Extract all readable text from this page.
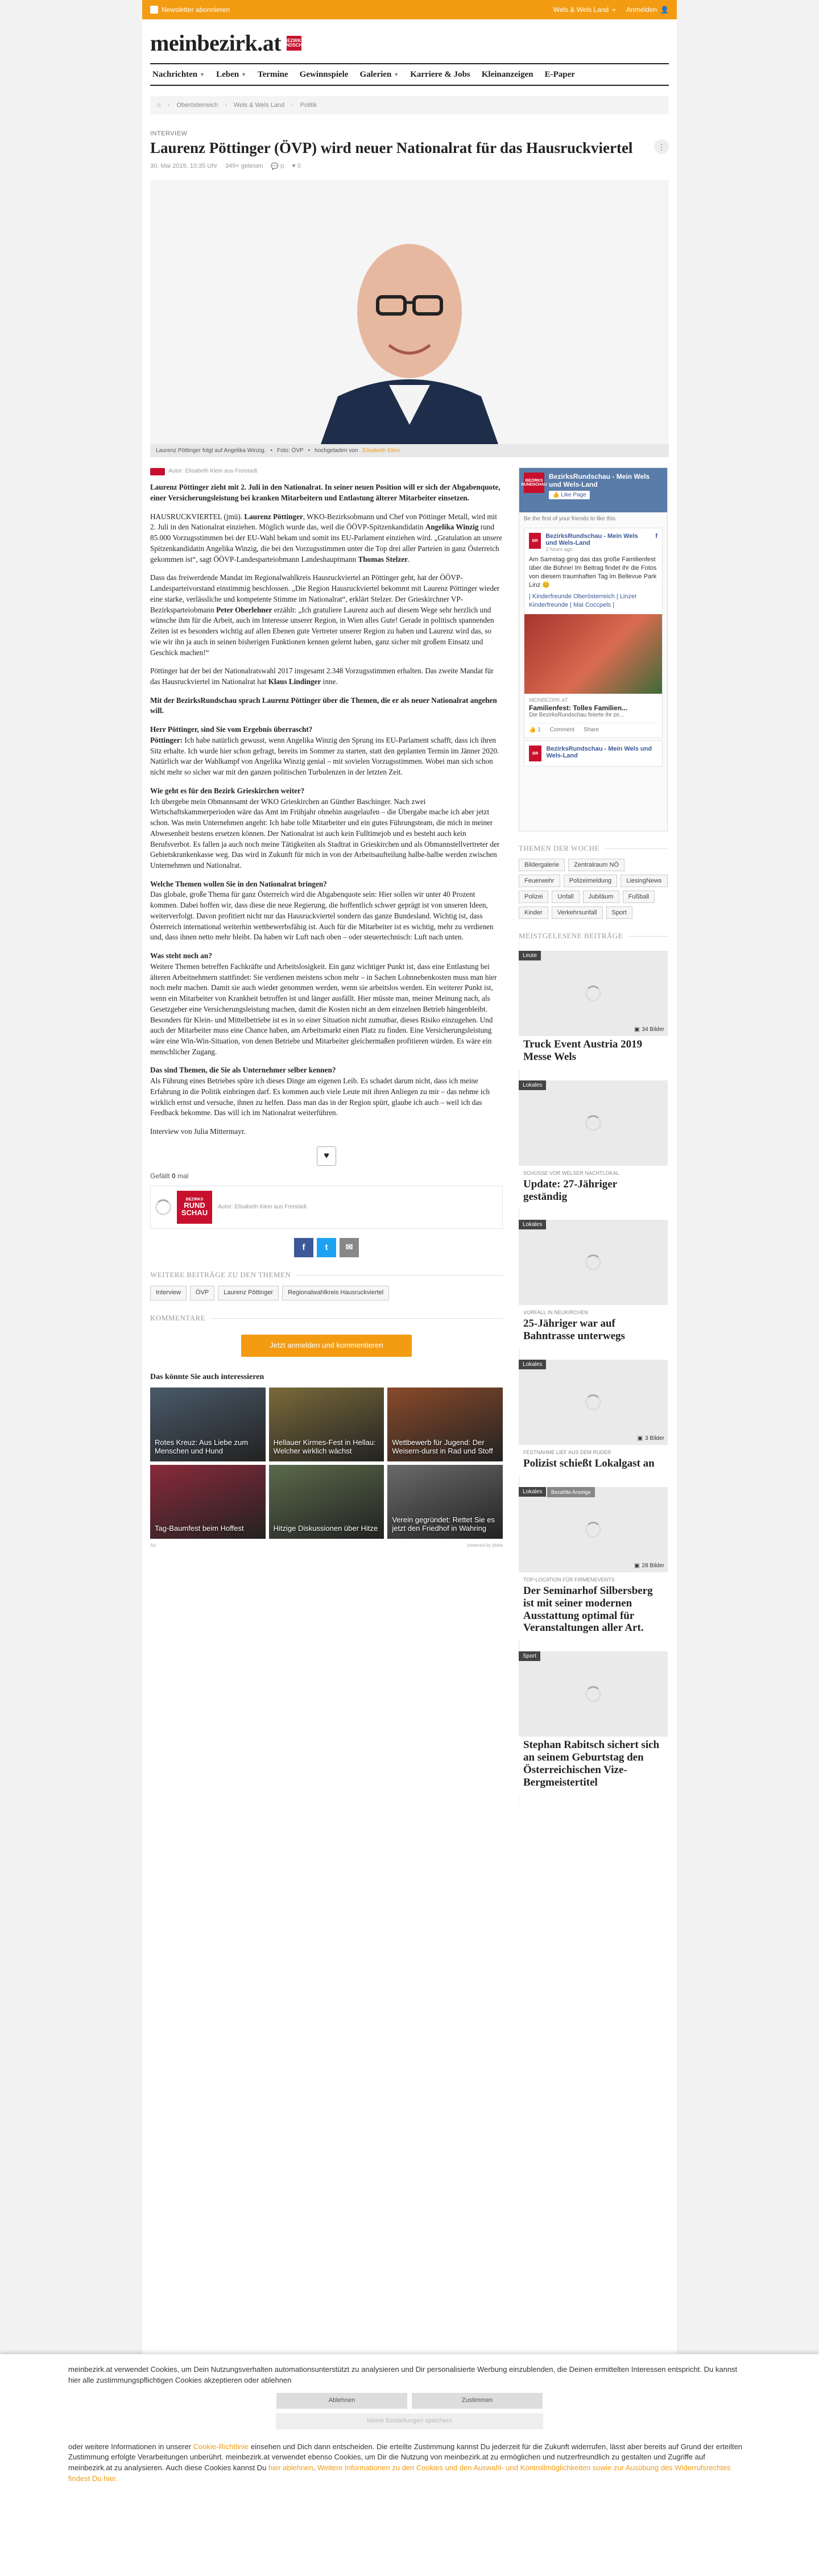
Newsletter abonnieren	Wels & Wels Land ⌖ Anmelden 👤
meinbezirk.at BEZIRKS RUNDSCHAU
Nachrichten ▼ Leben ▼ Termine Gewinnspiele Galerien ▼ Karriere & Jobs Kleinanzeigen E-Paper
⌂ › Oberösterreich › Wels & Wels Land › Politik
INTERVIEW
Laurenz Pöttinger (ÖVP) wird neuer Nationalrat für das Hausruckviertel	⋮
30. Mai 2019, 10:35 Uhr 349× gelesen 💬 0 ♥ 0
Laurenz Pöttinger folgt auf Angelika Winzig. • Foto: ÖVP • hochgeladen von Elisabeth Klein
Autor: Elisabeth Klein aus Freistadt

Laurenz Pöttinger zieht mit 2. Juli in den Nationalrat. In seiner neuen Position will er sich der Abgabenquote, einer Versicherungsleistung bei kranken Mitarbeitern und Entlastung älterer Mitarbeiter einsetzen.

HAUSRUCKVIERTEL (jmü). Laurenz Pöttinger, WKO-Bezirksobmann und Chef von Pöttinger Metall, wird mit 2. Juli in den Nationalrat einziehen. Möglich wurde das, weil die ÖÖVP-Spitzenkandidatin Angelika Winzig rund 85.000 Vorzugsstimmen bei der EU-Wahl bekam und somit ins EU-Parlament einziehen wird. „Gratulation an unsere Spitzenkandidatin Angelika Winzig, die bei den Vorzugsstimmen unter die Top drei aller Parteien in ganz Österreich gekommen ist“, sagt ÖÖVP-Landesparteiobmann Landeshauptmann Thomas Stelzer.

Dass das freiwerdende Mandat im Regionalwahlkreis Hausruckviertel an Pöttinger geht, hat der ÖÖVP-Landesparteivorstand einstimmig beschlossen. „Die Region Hausruckviertel bekommt mit Laurenz Pöttinger wieder eine starke, verlässliche und kompetente Stimme im Nationalrat“, erklärt Stelzer. Der Grieskirchner VP-Bezirksparteiobmann Peter Oberlehner erzählt: „Ich gratuliere Laurenz auch auf diesem Wege sehr herzlich und wünsche ihm für die Arbeit, auch im Interesse unserer Region, in Wien alles Gute! Gerade in politisch spannenden Zeiten ist es besonders wichtig auf allen Ebenen gute Vertreter unserer Region zu haben und Laurenz wird das, so wie wir ihn ja auch in seinen bisherigen Funktionen kennen gelernt haben, ganz sicher mit großem Einsatz und Geschick machen!“

Pöttinger hat der bei der Nationalratswahl 2017 insgesamt 2.348 Vorzugsstimmen erhalten. Das zweite Mandat für das Hausruckviertel im Nationalrat hat Klaus Lindinger inne.

Mit der BezirksRundschau sprach Laurenz Pöttinger über die Themen, die er als neuer Nationalrat angehen will.

Herr Pöttinger, sind Sie vom Ergebnis überrascht?
Pöttinger: Ich habe natürlich gewusst, wenn Angelika Winzig den Sprung ins EU-Parlament schafft, dass ich ihren Sitz erhalte. Ich wurde hier schon gefragt, bereits im Sommer zu starten, statt den geplanten Termin im Jänner 2020. Natürlich war der Wahlkampf von Angelika Winzig genial – mit sovielen Vorzugsstimmen. Wobei man sich schon nicht mehr so sicher war mit den ganzen politischen Turbulenzen in der letzten Zeit.

Wie geht es für den Bezirk Grieskirchen weiter?
Ich übergebe mein Obmannsamt der WKO Grieskirchen an Günther Baschinger. Nach zwei Wirtschaftskammerperioden wäre das Amt im Frühjahr ohnehin ausgelaufen – die Übergabe mache ich aber jetzt schon. Was mein Unternehmen angeht: Ich habe tolle Mitarbeiter und ein gutes Führungsteam, die mich in meiner Abwesenheit bestens ersetzen können. Der Nationalrat ist auch kein Fulltimejob und es besteht auch kein Berufsverbot. Es fallen ja auch noch meine Tätigkeiten als Stadtrat in Grieskirchen und als Obmannstellvertreter der Gebietskrankenkasse weg. Das wird in Zukunft für mich in von der Arbeitsaufteilung halbe-halbe werden zwischen Unternehmen und Nationalrat.

Welche Themen wollen Sie in den Nationalrat bringen?
Das globale, große Thema für ganz Österreich wird die Abgabenquote sein: Hier sollen wir unter 40 Prozent kommen. Dabei hoffen wir, dass diese die neue Regierung, die hoffentlich schwer geprägt ist von unseren Ideen, weiterverfolgt. Davon profitiert nicht nur das Hausruckviertel sondern das ganze Bundesland. Wichtig ist, dass Österreich international weiterhin wettbewerbsfähig ist. Auch für die Mitarbeiter ist es wichtig, mehr zu verdienen und, dass ihnen netto mehr bleibt. Da haben wir Luft nach oben – oder steuertechnisch: Luft nach unten.

Was steht noch an?
Weitere Themen betreffen Fachkräfte und Arbeitslosigkeit. Ein ganz wichtiger Punkt ist, dass eine Entlastung bei älteren Arbeitnehmern stattfindet: Sie verdienen meistens schon mehr – in Sachen Lohnnebenkosten muss man hier noch mehr machen. Damit sie auch wieder genommen werden, wenn sie arbeitslos werden. Ein weiterer Punkt ist, wenn ein Mitarbeiter von Krankheit betroffen ist und länger ausfällt. Hier müsste man, meiner Meinung nach, als Gesetzgeber eine Versicherungsleistung machen, damit die Kosten nicht an dem einzelnen Betrieb hängenbleibt. Besonders für Klein- und Mittelbetriebe ist es in so einer Situation nicht zumutbar, dieses Risiko einzugehen. Und auch der Mitarbeiter muss eine Chance haben, am Arbeitsmarkt einen Platz zu finden. Eine Versicherungsleistung wäre eine Win-Win-Situation, von denen Betriebe und Mitarbeiter gleichermaßen profitieren würden. Es wäre ein menschlicher Zugang.

Das sind Themen, die Sie als Unternehmer selber kennen?
Als Führung eines Betriebes spüre ich dieses Dinge am eigenen Leib. Es schadet darum nicht, dass ich meine Erfahrung in die Politik einbringen darf. Es kommen auch viele Leute mit ihren Anliegen zu mir – das nehme ich wirklich ernst und versuche, ihnen zu helfen. Dass man das in der Region spürt, glaube ich auch – weil ich das Feedback bekomme. Das will ich im Nationalrat weiterführen.

Interview von Julia Mittermayr.

♥
Gefällt 0 mal
BEZIRKS
RUND
SCHAU
Autor: Elisabeth Klein aus Freistadt
f	t	✉
WEITERE BEITRÄGE ZU DEN THEMEN
Interview	ÖVP	Laurenz Pöttinger	Regionalwahlkreis Hausruckviertel
KOMMENTARE
Jetzt anmelden und kommentieren
Das könnte Sie auch interessieren
Rotes Kreuz: Aus Liebe zum Menschen und Hund
Hellauer Kirmes-Fest in Hellau: Welcher wirklich wächst
Wettbewerb für Jugend: Der Weisern-durst in Rad und Stoff
Tag-Baumfest beim Hoffest	Hitzige Diskussionen über Hitze
Verein gegründet: Rettet Sie es jetzt den Friedhof in Wahring
Ad	powered by plista
BEZIRKS RUNDSCHAU
BezirksRundschau - Mein Wels und Wels-Land
👍 Like Page
Be the first of your friends to like this
BR
BezirksRundschau - Mein Wels und Wels-Land
2 hours ago
f
Am Samstag ging das das große Familienfest über die Bühne! Im Beitrag findet ihr die Fotos von diesem traumhaften Tag im Bellevue Park Linz 😊
| Kinderfreunde Oberösterreich | Linzer Kinderfreunde | Mai Coccpels |
MEINBEZIRK.AT
Familienfest: Tolles Familien...
Die BezirksRundschau feierte ihr ze...
👍 1 Comment Share
BR
BezirksRundschau - Mein Wels und Wels-Land
THEMEN DER WOCHE
Bildergalerie	Zentralraum NÖ
Feuerwehr	Polizeimeldung	LiesingNews
Polizei	Unfall	Jubiläum	Fußball
Kinder	Verkehrsunfall	Sport
MEISTGELESENE BEITRÄGE
Leute
▣ 34 Bilder
Truck Event Austria 2019 Messe Wels
Lokales
SCHÜSSE VOR WELSER NACHTLOKAL
Update: 27-Jähriger geständig
Lokales
VORFALL IN NEUKIRCHEN
25-Jähriger war auf Bahntrasse unterwegs
Lokales
▣ 3 Bilder
FESTNAHME LIEF AUS DEM RUDER
Polizist schießt Lokalgast an
Lokales	Bezahlte Anzeige
▣ 28 Bilder
TOP-LOCATION FÜR FIRMENEVENTS
Der Seminarhof Silbersberg ist mit seiner modernen Ausstattung optimal für Veranstaltungen aller Art.
Sport
Stephan Rabitsch sichert sich an seinem Geburtstag den Österreichischen Vize-Bergmeistertitel
meinbezirk.at verwendet Cookies, um Dein Nutzungsverhalten automationsunterstützt zu analysieren und Dir personalisierte Werbung einzublenden, die Deinen ermittelten Interessen entspricht. Du kannst hier alle zustimmungspflichtigen Cookies akzeptieren oder ablehnen
Ablehnen	Zustimmen
Meine Einstellungen speichern
oder weitere Informationen in unserer Cookie-Richtlinie einsehen und Dich dann entscheiden. Die erteilte Zustimmung kannst Du jederzeit für die Zukunft widerrufen, lässt aber bereits auf Grund der erteilten Zustimmung erfolgte Verarbeitungen unberührt. meinbezirk.at verwendet ebenso Cookies, um Dir die Nutzung von meinbezirk.at zu ermöglichen und nutzerfreundlich zu gestalten und Zugriffe auf meinbezirk.at zu analysieren. Auch diese Cookies kannst Du hier ablehnen. Weitere Informationen zu den Cookies und den Auswahl- und Kontrollmöglichkeiten sowie zur Ausübung des Widerrufsrechtes findest Du hier.
